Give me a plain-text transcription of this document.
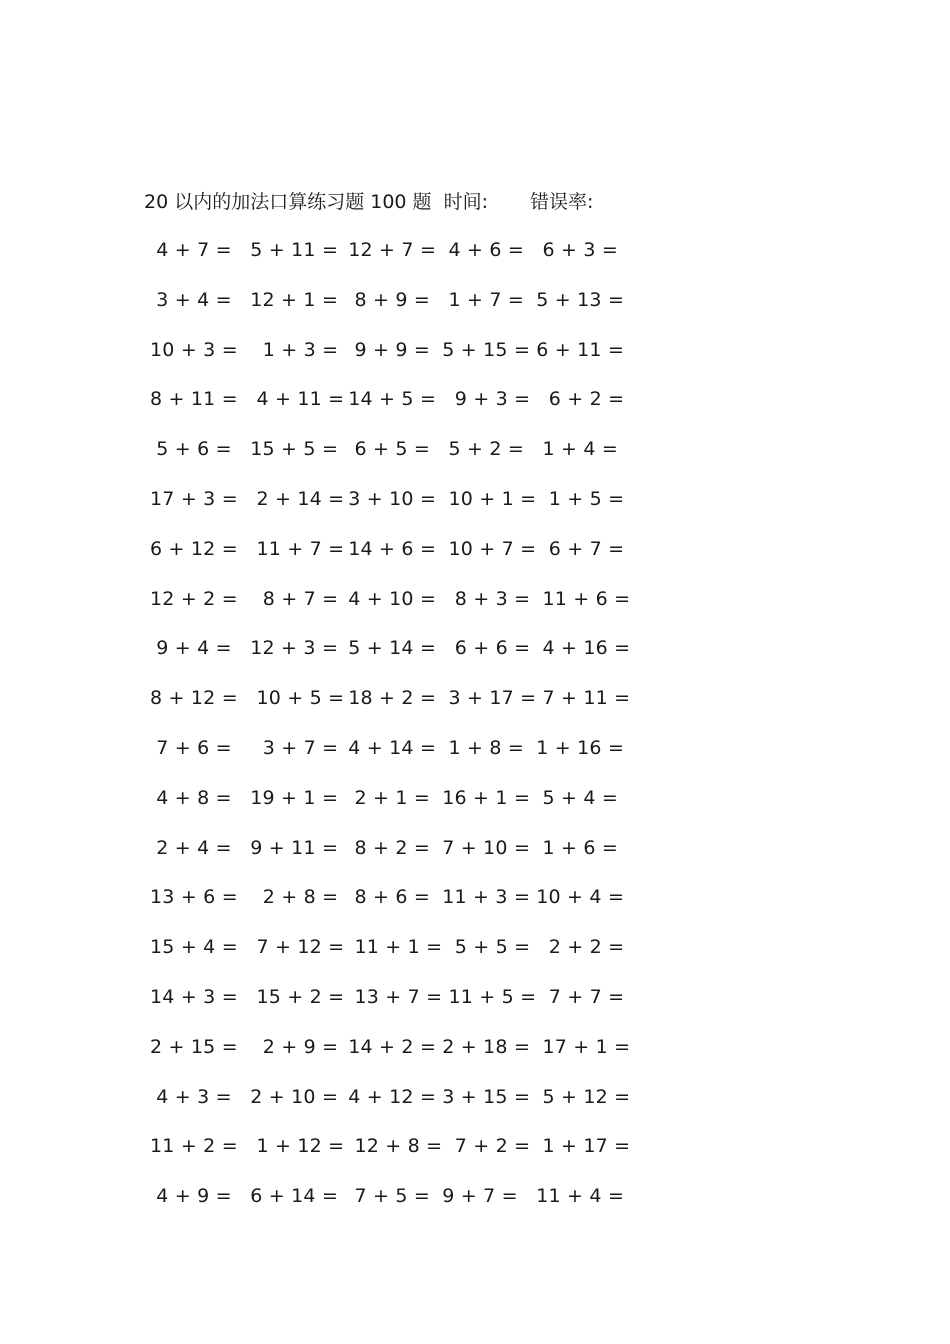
20 以内的加法口算练习题 100 题 时间: 错误率:
4 + 7 = 5 + 11 = 12 + 7 = 4 + 6 = 6 + 3 =
3 + 4 = 12 + 1 = 8 + 9 = 1 + 7 = 5 + 13 =
10 + 3 = 1 + 3 = 9 + 9 = 5 + 15 = 6 + 11 =
8 + 11 = 4 + 11 =
14 + 5 = 9 + 3 = 6 + 2 =
5 + 6 = 15 + 5 = 6 + 5 = 5 + 2 = 1 + 4 =
17 + 3 = 2 + 14 =
3 + 10 = 10 + 1 =
1 + 5 =
6 + 12 = 11 + 7 =
14 + 6 = 10 + 7 =
6 + 7 =
12 + 2 = 8 + 7 = 4 + 10 = 8 + 3 = 11 + 6 =
9 + 4 = 12 + 3 = 5 + 14 = 6 + 6 = 4 + 16 =
8 + 12 = 10 + 5 =
18 + 2 = 3 + 17 =
7 + 11 =
7 + 6 = 3 + 7 = 4 + 14 = 1 + 8 = 1 + 16 =
4 + 8 = 19 + 1 = 2 + 1 = 16 + 1 = 5 + 4 =
2 + 4 = 9 + 11 = 8 + 2 = 7 + 10 = 1 + 6 =
13 + 6 = 2 + 8 = 8 + 6 = 11 + 3 = 10 + 4 =
15 + 4 = 7 + 12 =
11 + 1 =
5 + 5 = 2 + 2 =
14 + 3 = 15 + 2 =
13 + 7 =
11 + 5 =
7 + 7 =
2 + 15 = 2 + 9 = 14 + 2 = 2 + 18 = 17 + 1 =
4 + 3 = 2 + 10 = 4 + 12 = 3 + 15 = 5 + 12 =
11 + 2 = 1 + 12 =
12 + 8 =
7 + 2 = 1 + 17 =
4 + 9 = 6 + 14 = 7 + 5 = 9 + 7 = 11 + 4 =
